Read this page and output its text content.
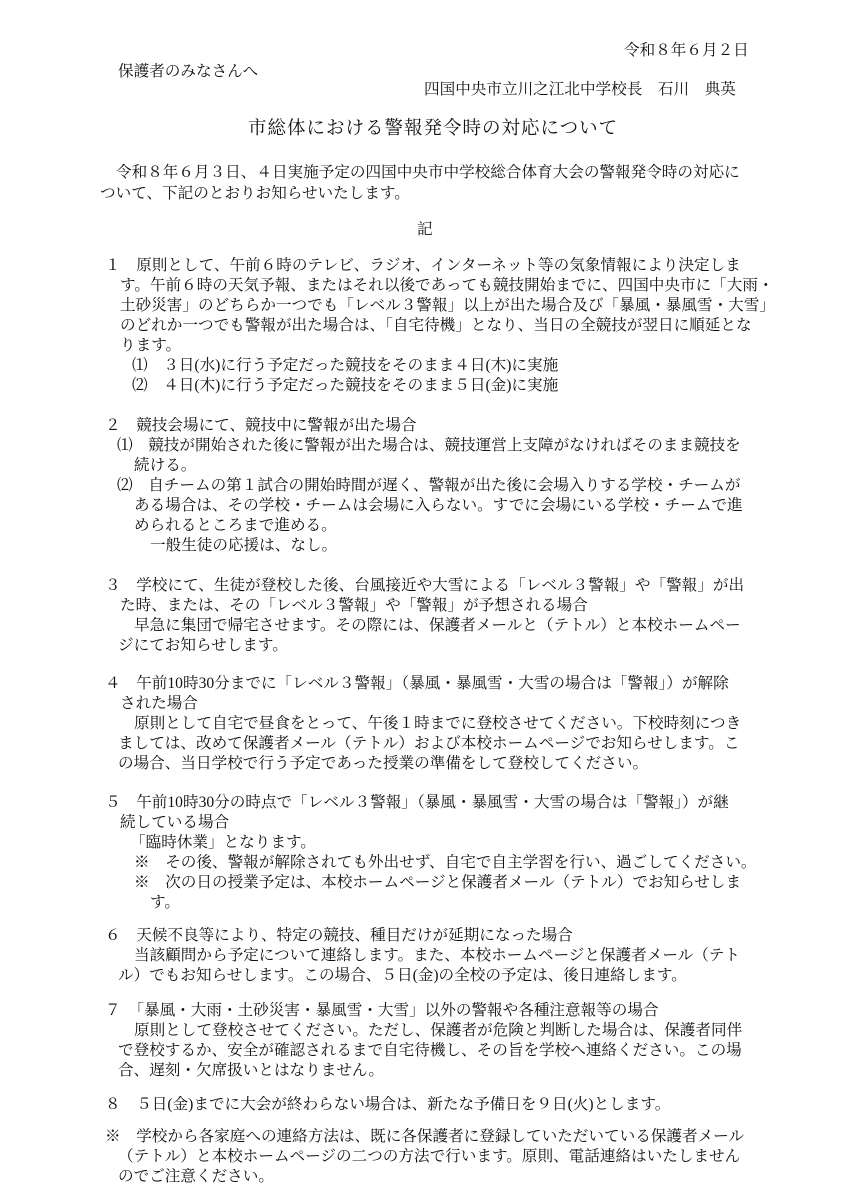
令和８年６月２日
保護者のみなさんへ
四国中央市立川之江北中学校長　石川　典英
市総体における警報発令時の対応について
令和８年６月３日、４日実施予定の四国中央市中学校総合体育大会の警報発令時の対応に
ついて、下記のとおりお知らせいたします。
記
１　原則として、午前６時のテレビ、ラジオ、インターネット等の気象情報により決定しま
す。午前６時の天気予報、またはそれ以後であっても競技開始までに、四国中央市に「大雨・
土砂災害」のどちらか一つでも「レベル３警報」以上が出た場合及び「暴風・暴風雪・大雪」
のどれか一つでも警報が出た場合は、「自宅待機」となり、当日の全競技が翌日に順延とな
ります。
⑴　３日(水)に行う予定だった競技をそのまま４日(木)に実施
⑵　４日(木)に行う予定だった競技をそのまま５日(金)に実施
２　競技会場にて、競技中に警報が出た場合
⑴　競技が開始された後に警報が出た場合は、競技運営上支障がなければそのまま競技を
続ける。
⑵　自チームの第１試合の開始時間が遅く、警報が出た後に会場入りする学校・チームが
ある場合は、その学校・チームは会場に入らない。すでに会場にいる学校・チームで進
められるところまで進める。
一般生徒の応援は、なし。
３　学校にて、生徒が登校した後、台風接近や大雪による「レベル３警報」や「警報」が出
た時、または、その「レベル３警報」や「警報」が予想される場合
早急に集団で帰宅させます。その際には、保護者メールと（テトル）と本校ホームペー
ジにてお知らせします。
４　午前10時30分までに「レベル３警報」（暴風・暴風雪・大雪の場合は「警報」）が解除
された場合
原則として自宅で昼食をとって、午後１時までに登校させてください。下校時刻につき
ましては、改めて保護者メール（テトル）および本校ホームページでお知らせします。こ
の場合、当日学校で行う予定であった授業の準備をして登校してください。
５　午前10時30分の時点で「レベル３警報」（暴風・暴風雪・大雪の場合は「警報」）が継
続している場合
「臨時休業」となります。
※　その後、警報が解除されても外出せず、自宅で自主学習を行い、過ごしてください。
※　次の日の授業予定は、本校ホームページと保護者メール（テトル）でお知らせしま
す。
６　天候不良等により、特定の競技、種目だけが延期になった場合
当該顧問から予定について連絡します。また、本校ホームページと保護者メール（テト
ル）でもお知らせします。この場合、５日(金)の全校の予定は、後日連絡します。
７　「暴風・大雨・土砂災害・暴風雪・大雪」以外の警報や各種注意報等の場合
原則として登校させてください。ただし、保護者が危険と判断した場合は、保護者同伴
で登校するか、安全が確認されるまで自宅待機し、その旨を学校へ連絡ください。この場
合、遅刻・欠席扱いとはなりません。
８　５日(金)までに大会が終わらない場合は、新たな予備日を９日(火)とします。
※　学校から各家庭への連絡方法は、既に各保護者に登録していただいている保護者メール
（テトル）と本校ホームページの二つの方法で行います。原則、電話連絡はいたしません
のでご注意ください。
